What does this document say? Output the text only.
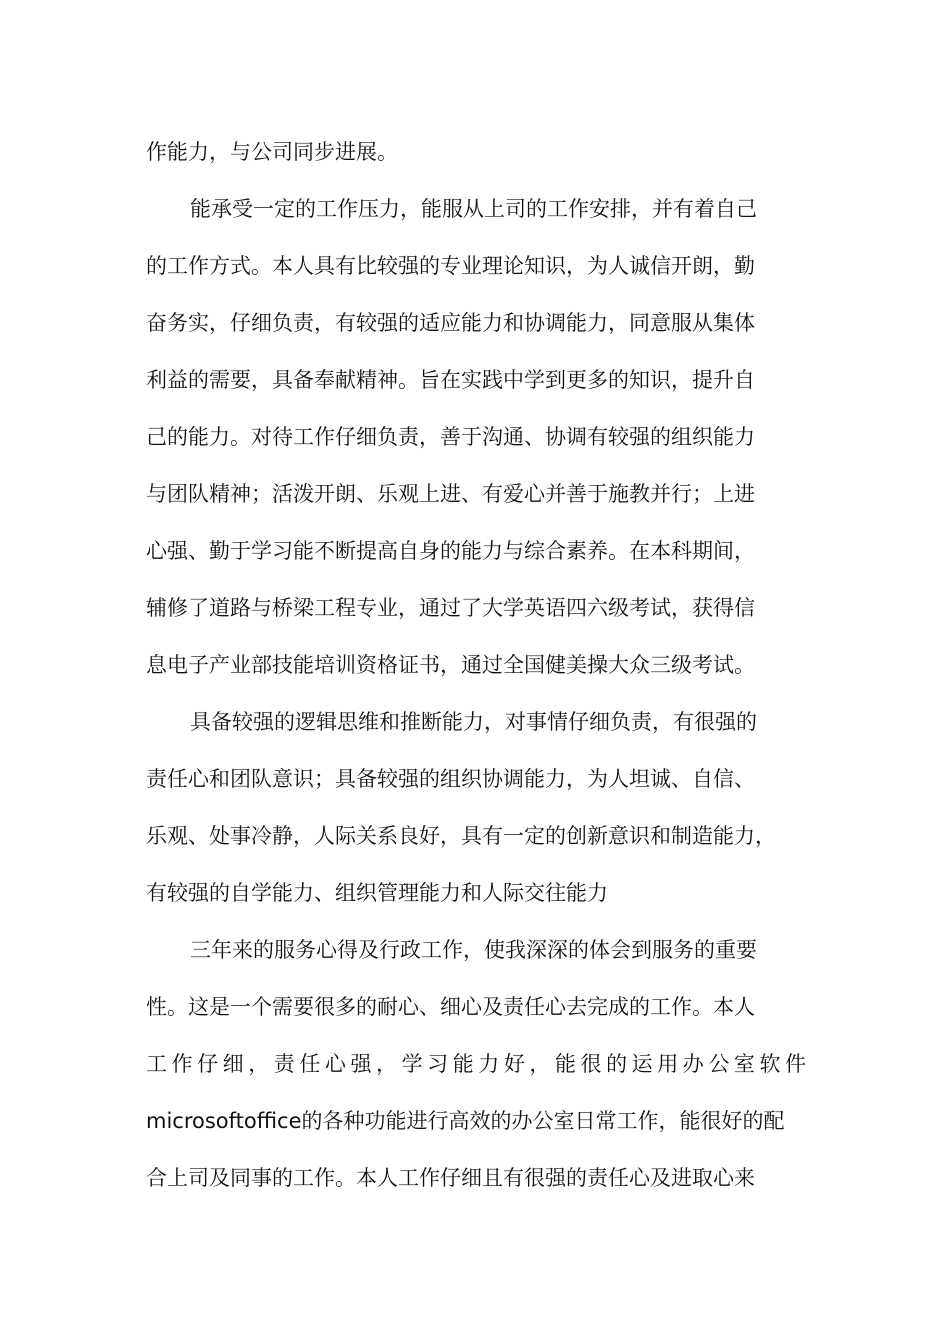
作能力，与公司同步进展。
能承受一定的工作压力，能服从上司的工作安排，并有着自己
的工作方式。本人具有比较强的专业理论知识，为人诚信开朗，勤
奋务实，仔细负责，有较强的适应能力和协调能力，同意服从集体
利益的需要，具备奉献精神。旨在实践中学到更多的知识，提升自
己的能力。对待工作仔细负责，善于沟通、协调有较强的组织能力
与团队精神；活泼开朗、乐观上进、有爱心并善于施教并行；上进
心强、勤于学习能不断提高自身的能力与综合素养。在本科期间，
辅修了道路与桥梁工程专业，通过了大学英语四六级考试，获得信
息电子产业部技能培训资格证书，通过全国健美操大众三级考试。
具备较强的逻辑思维和推断能力，对事情仔细负责，有很强的
责任心和团队意识；具备较强的组织协调能力，为人坦诚、自信、
乐观、处事冷静，人际关系良好，具有一定的创新意识和制造能力，
有较强的自学能力、组织管理能力和人际交往能力
三年来的服务心得及行政工作，使我深深的体会到服务的重要
性。这是一个需要很多的耐心、细心及责任心去完成的工作。本人
工作仔细，责任心强，学习能力好，能很的运用办公室软件
microsoftoffice的各种功能进行高效的办公室日常工作，能很好的配
合上司及同事的工作。本人工作仔细且有很强的责任心及进取心来
